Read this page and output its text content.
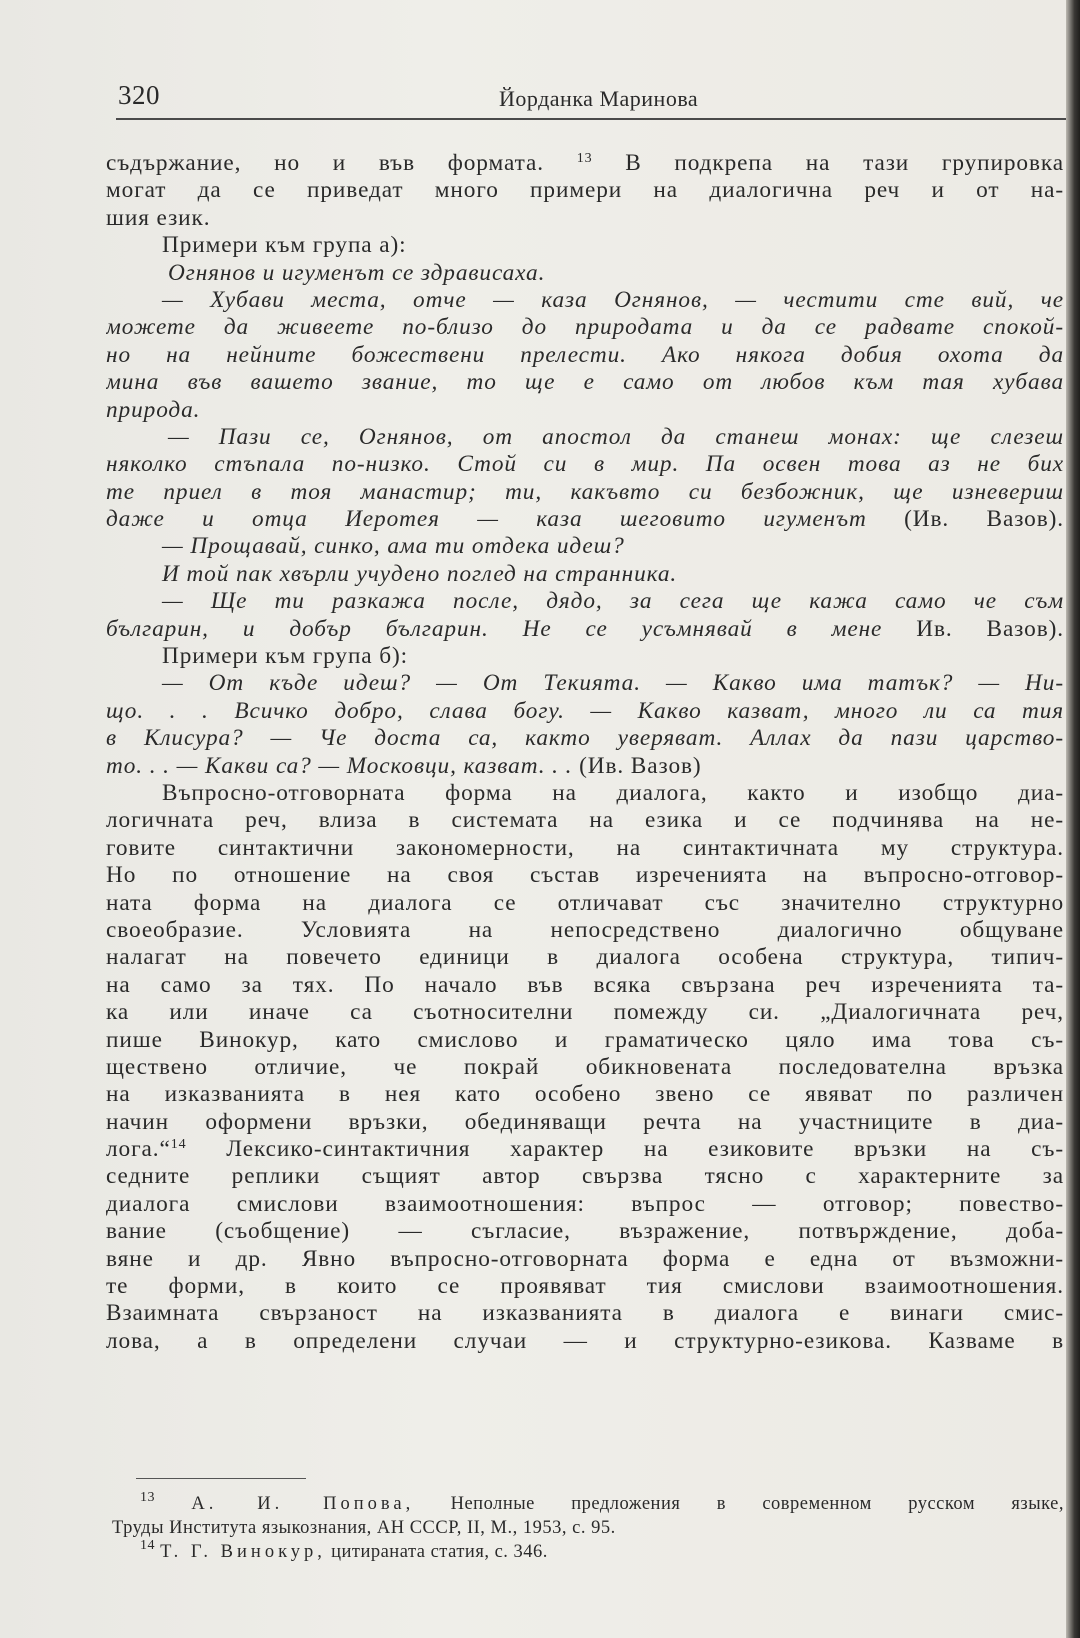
320	Йорданка Маринова
съдържание, но и във формата. $^{13}$ В подкрепа на тази групировка
могат да се приведат много примери на диалогична реч и от на-
шия език.
Примери към група а):
Огнянов и игуменът се здрависаха.
— Хубави места, отче — каза Огнянов, — честити сте вий, че
можете да живеете по-близо до природата и да се радвате спокой-
но на нейните божествени прелести. Ако някога добия охота да
мина във вашето звание, то ще е само от любов към тая хубава
природа.
— Пази се, Огнянов, от апостол да станеш монах: ще слезеш
няколко стъпала по-низко. Стой си в мир. Па освен това аз не бих
те приел в тоя манастир; ти, какъвто си безбожник, ще изневериш
даже и отца Иеротея — каза шеговито игуменът (Ив. Вазов).
— Прощавай, синко, ама ти отдека идеш?
И той пак хвърли учудено поглед на странника.
— Ще ти разкажа после, дядо, за сега ще кажа само че съм
българин, и добър българин. Не се усъмнявай в мене Ив. Вазов).
Примери към група б):
— От къде идеш? — От Текията. — Какво има татък? — Ни-
що. . . Всичко добро, слава богу. — Какво казват, много ли са тия
в Клисура? — Че доста са, както уверяват. Аллах да пази царство-
то. . . — Какви са? — Московци, казват. . . (Ив. Вазов)
Въпросно-отговорната форма на диалога, както и изобщо диа-
логичната реч, влиза в системата на езика и се подчинява на не-
говите синтактични закономерности, на синтактичната му структура.
Но по отношение на своя състав изреченията на въпросно-отговор-
ната форма на диалога се отличават със значително структурно
своеобразие. Условията на непосредствено диалогично общуване
налагат на повечето единици в диалога особена структура, типич-
на само за тях. По начало във всяка свързана реч изреченията та-
ка или иначе са съотносителни помежду си. „Диалогичната реч,
пише Винокур, като смислово и граматическо цяло има това съ-
ществено отличие, че покрай обикновената последователна връзка
на изказванията в нея като особено звено се явяват по различен
начин оформени връзки, обединяващи речта на участниците в диа-
лога.“$^{14}$ Лексико-синтактичния характер на езиковите връзки на съ-
седните реплики същият автор свързва тясно с характерните за
диалога смислови взаимоотношения: въпрос — отговор; повество-
вание (съобщение) — съгласие, възражение, потвърждение, доба-
вяне и др. Явно въпросно-отговорната форма е една от възможни-
те форми, в които се проявяват тия смислови взаимоотношения.
Взаимната свързаност на изказванията в диалога е винаги смис-
лова, а в определени случаи — и структурно-езикова. Казваме в
$^{13}$ А. И. Попова, Неполные предложения в современном русском языке,
Труды Института языкознания, АН СССР, II, М., 1953, с. 95.
$^{14}$ Т. Г. Винокур, цитираната статия, с. 346.
